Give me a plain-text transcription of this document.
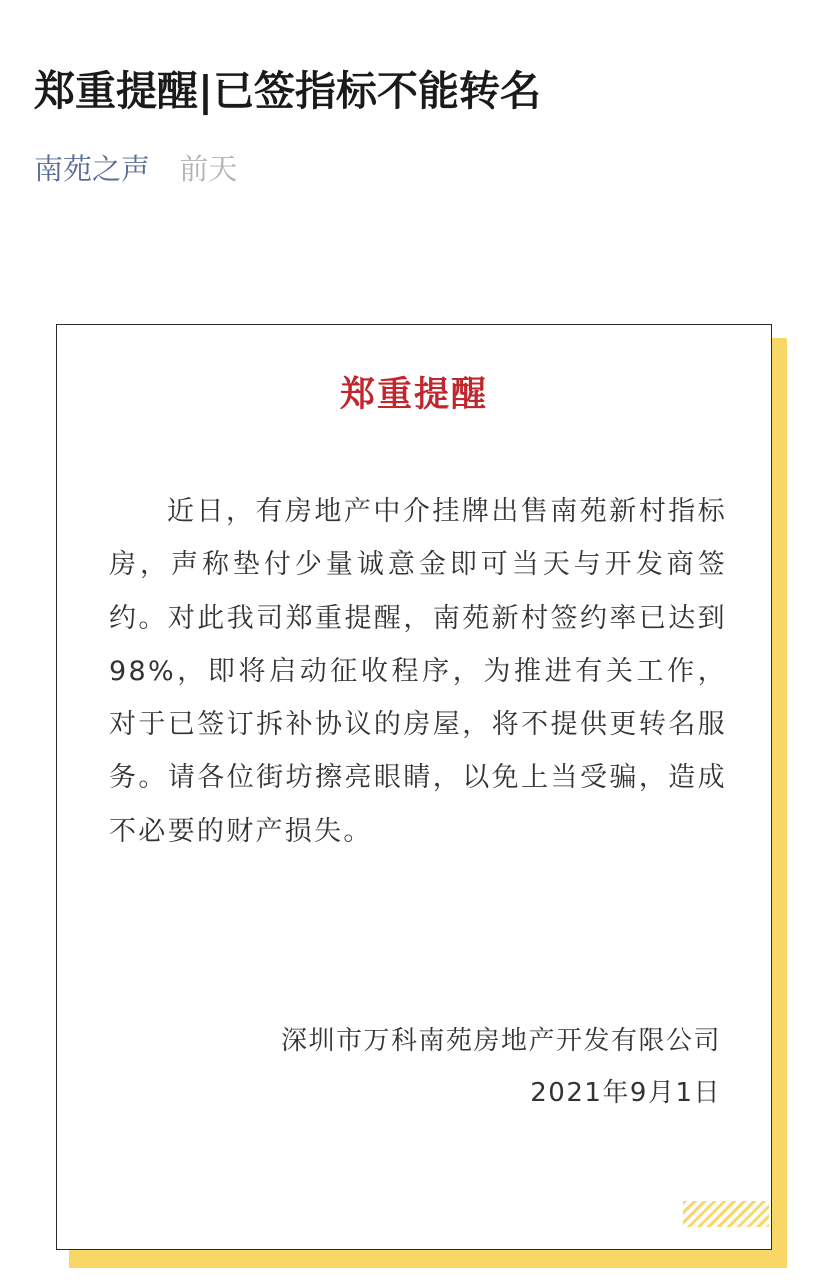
郑重提醒|已签指标不能转名
南苑之声 前天
郑重提醒

近日，有房地产中介挂牌出售南苑新村指标房，声称垫付少量诚意金即可当天与开发商签约。对此我司郑重提醒，南苑新村签约率已达到98%，即将启动征收程序，为推进有关工作，对于已签订拆补协议的房屋，将不提供更转名服务。请各位街坊擦亮眼睛，以免上当受骗，造成不必要的财产损失。

深圳市万科南苑房地产开发有限公司
2021年9月1日
